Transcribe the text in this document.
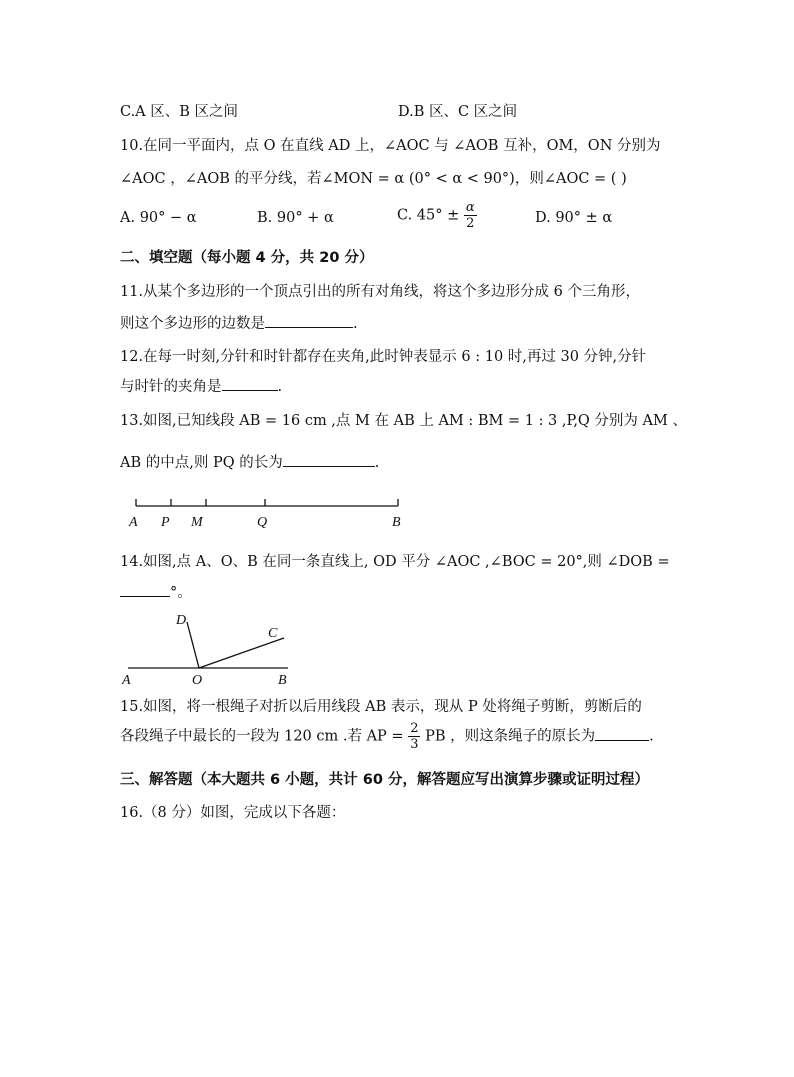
C.A 区、B 区之间	D.B 区、C 区之间
10.在同一平面内，点 O 在直线 AD 上，∠AOC 与 ∠AOB 互补，OM，ON 分别为
∠AOC ，∠AOB 的平分线，若∠MON = α (0° < α < 90°)，则∠AOC = ( )
A. 90° − α	B. 90° + α	C. $45^\circ \pm \frac{\alpha}{2}$	D. 90° ± α
二、填空题（每小题 4 分，共 20 分）
11.从某个多边形的一个顶点引出的所有对角线，将这个多边形分成 6 个三角形，
则这个多边形的边数是	.
12.在每一时刻,分针和时针都存在夹角,此时钟表显示 6 : 10 时,再过 30 分钟,分针
与时针的夹角是	.
13.如图,已知线段 AB = 16 cm ,点 M 在 AB 上 AM : BM = 1 : 3 ,P,Q 分别为 AM 、
AB 的中点,则 PQ 的长为	.
A P M	Q	B
14.如图,点 A、O、B 在同一条直线上, OD 平分 ∠AOC ,∠BOC = 20°,则 ∠DOB =
°。
D
C
A	O	B
15.如图，将一根绳子对折以后用线段 AB 表示，现从 P 处将绳子剪断，剪断后的
各段绳子中最长的一段为 120 cm .若 AP = $\frac{2}{3}$ PB ，则这条绳子的原长为	.
三、解答题（本大题共 6 小题，共计 60 分，解答题应写出演算步骤或证明过程）
16.（8 分）如图，完成以下各题：
